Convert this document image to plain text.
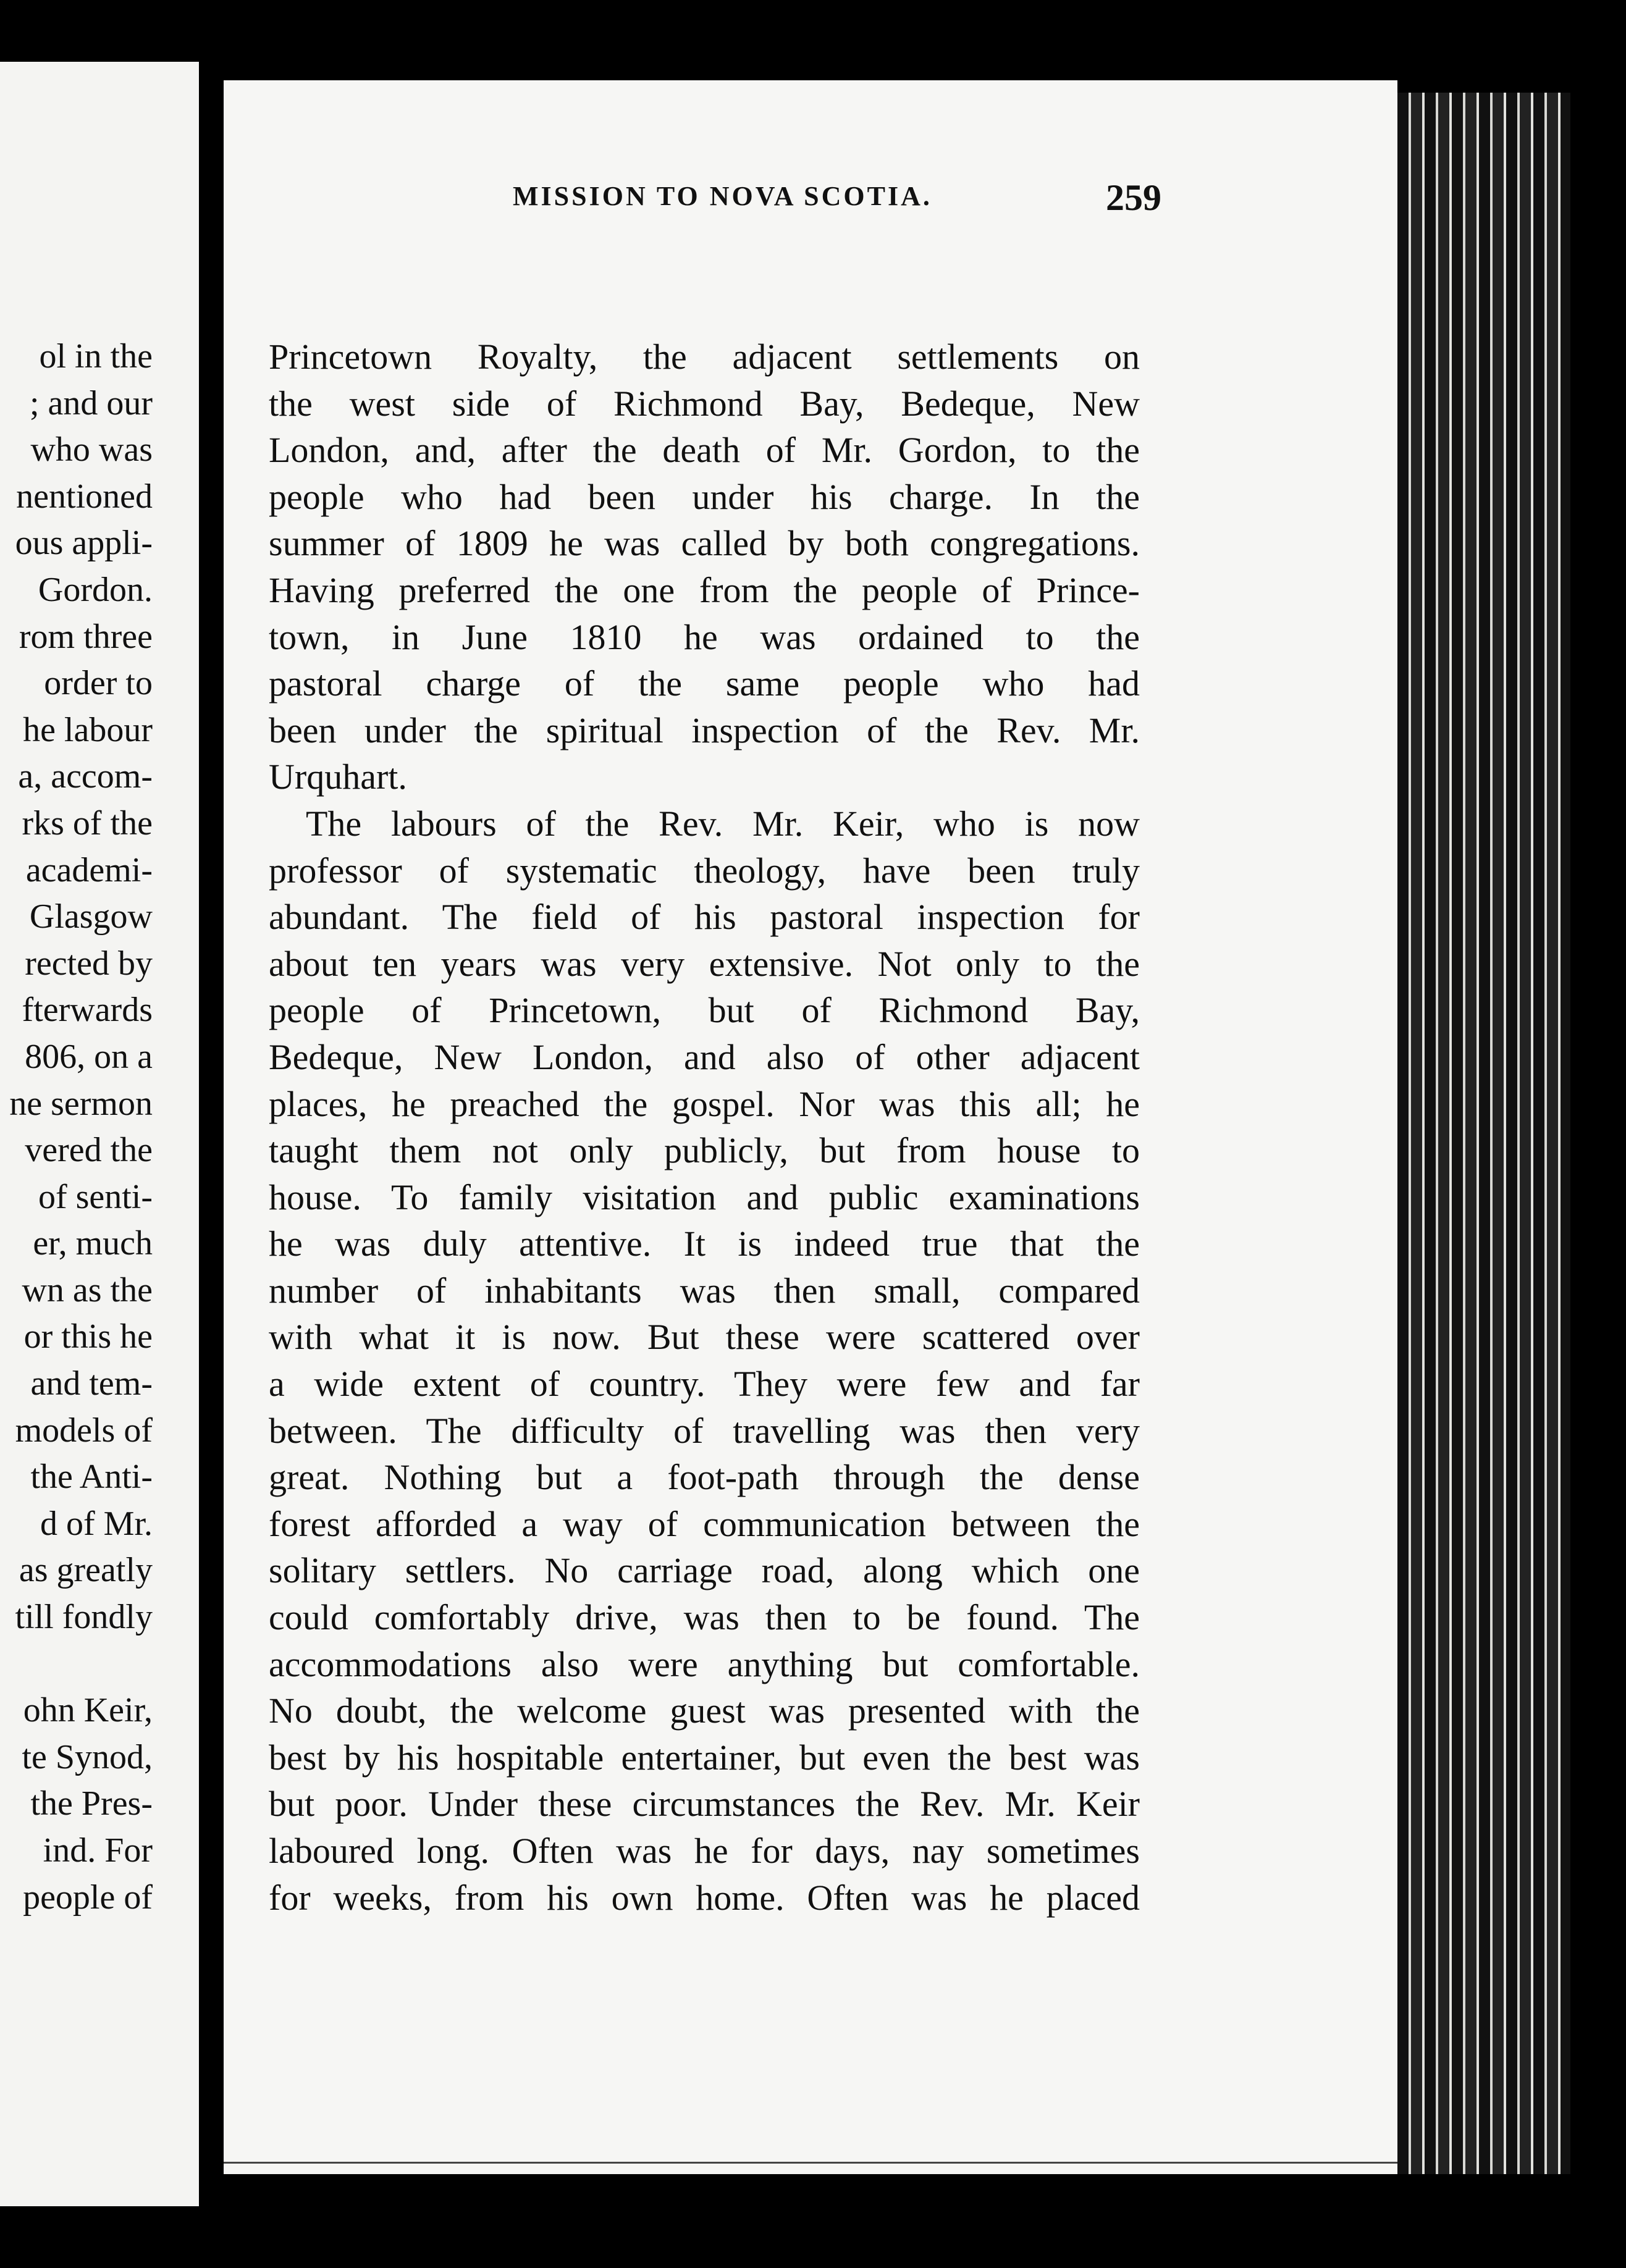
ol in the
; and our
who was
nentioned
ous appli-
Gordon.
rom three
order to
he labour
a, accom-
rks of the
academi-
Glasgow
rected by
fterwards
806, on a
ne sermon
vered the
of senti-
er, much
wn as the
or this he
and tem-
models of
the Anti-
d of Mr.
as greatly
till fondly
ohn Keir,
te Synod,
the Pres-
ind. For
people of
MISSION TO NOVA SCOTIA.	259
Princetown Royalty, the adjacent settlements on
the west side of Richmond Bay, Bedeque, New
London, and, after the death of Mr. Gordon, to the
people who had been under his charge. In the
summer of 1809 he was called by both congregations.
Having preferred the one from the people of Prince-
town, in June 1810 he was ordained to the
pastoral charge of the same people who had
been under the spiritual inspection of the Rev. Mr.
Urquhart.
The labours of the Rev. Mr. Keir, who is now
professor of systematic theology, have been truly
abundant. The field of his pastoral inspection for
about ten years was very extensive. Not only to the
people of Princetown, but of Richmond Bay,
Bedeque, New London, and also of other adjacent
places, he preached the gospel. Nor was this all; he
taught them not only publicly, but from house to
house. To family visitation and public examinations
he was duly attentive. It is indeed true that the
number of inhabitants was then small, compared
with what it is now. But these were scattered over
a wide extent of country. They were few and far
between. The difficulty of travelling was then very
great. Nothing but a foot-path through the dense
forest afforded a way of communication between the
solitary settlers. No carriage road, along which one
could comfortably drive, was then to be found. The
accommodations also were anything but comfortable.
No doubt, the welcome guest was presented with the
best by his hospitable entertainer, but even the best was
but poor. Under these circumstances the Rev. Mr. Keir
laboured long. Often was he for days, nay sometimes
for weeks, from his own home. Often was he placed
